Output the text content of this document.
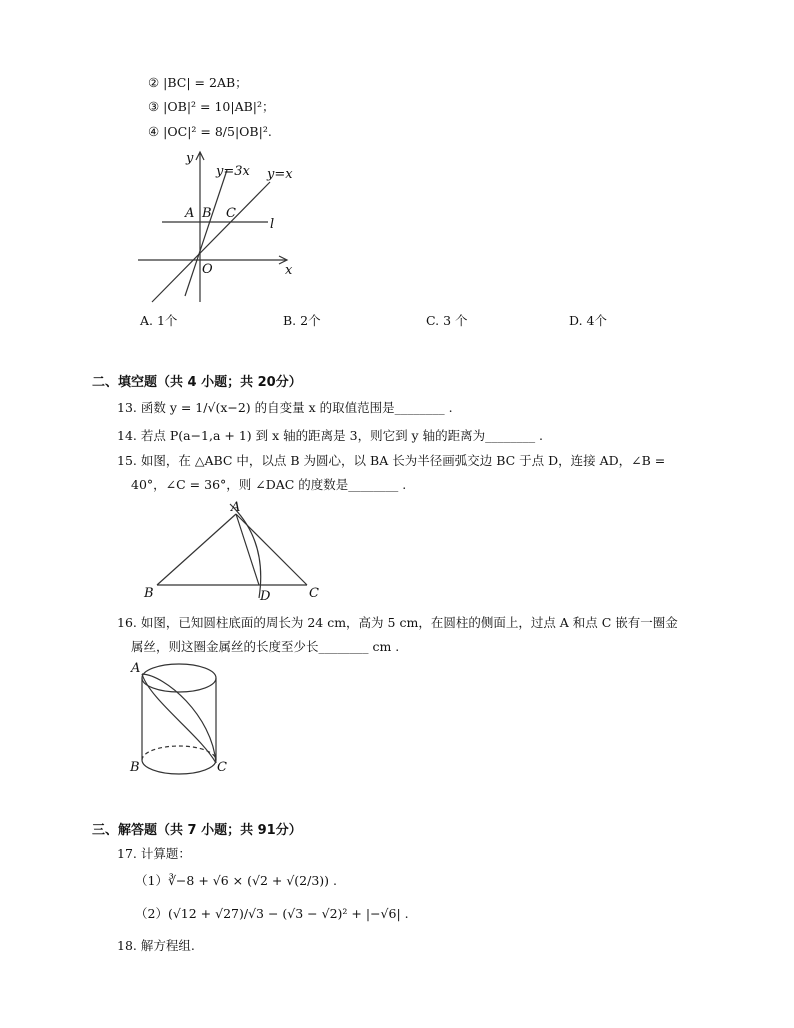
② |BC| = 2AB；
③ |OB|² = 10|AB|²；
④ |OC|² = 8/5|OB|².
y
x
O
y=3x y=x
l
A B C
A. 1个	B. 2个	C. 3 个	D. 4个
二、填空题（共 4 小题；共 20分）
13. 函数 y = 1/√(x−2) 的自变量 x 的取值范围是________ .
14. 若点 P(a−1,a + 1) 到 x 轴的距离是 3，则它到 y 轴的距离为________ .
15. 如图，在 △ABC 中，以点 B 为圆心，以 BA 长为半径画弧交边 BC 于点 D，连接 AD，∠B =
40°，∠C = 36°，则 ∠DAC 的度数是________ .
A
B	C
D
16. 如图，已知圆柱底面的周长为 24 cm，高为 5 cm，在圆柱的侧面上，过点 A 和点 C 嵌有一圈金
属丝，则这圈金属丝的长度至少长________ cm .
A
B	C
三、解答题（共 7 小题；共 91分）
17. 计算题：
（1）∛−8 + √6 × (√2 + √(2/3)) .
（2）(√12 + √27)/√3 − (√3 − √2)² + |−√6| .
18. 解方程组.
